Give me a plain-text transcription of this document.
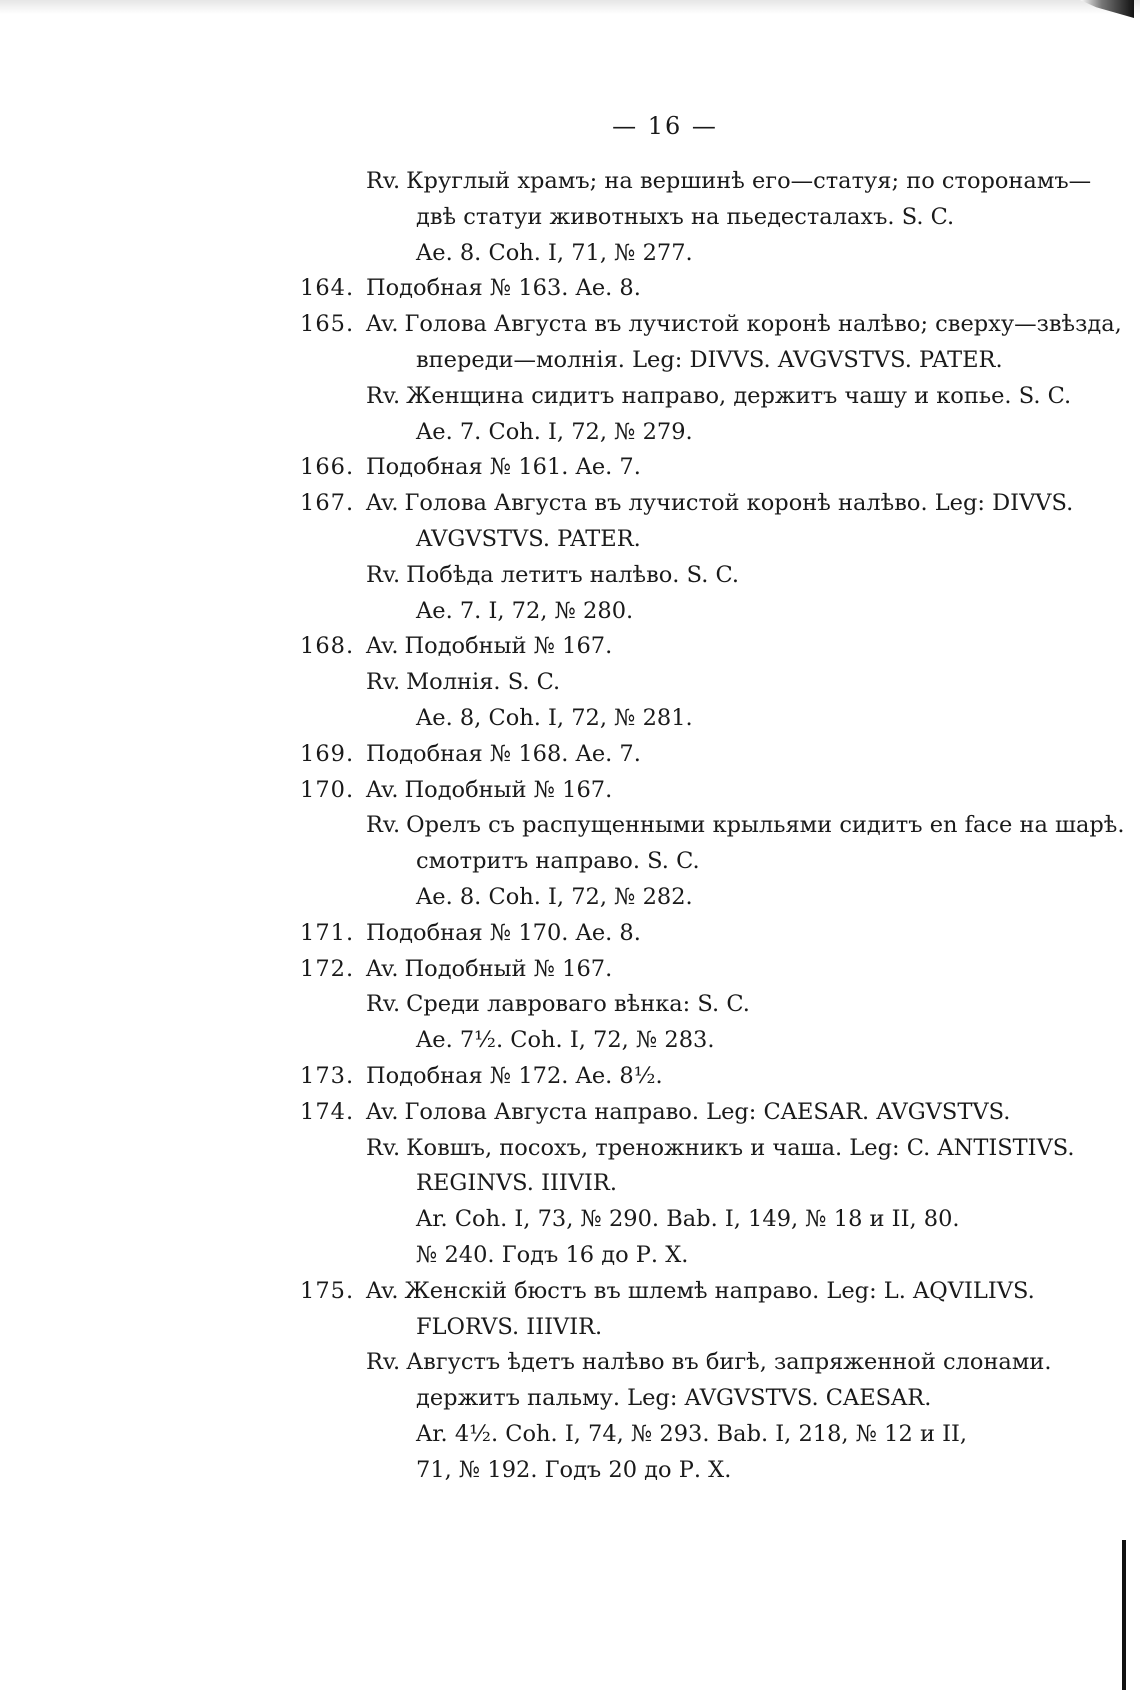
— 16 —
Rv. Круглый храмъ; на вершинѣ его—статуя; по сторонамъ—
двѣ статуи животныхъ на пьедесталахъ. S. C.
Ae. 8. Coh. I, 71, № 277.
164. Подобная № 163. Ae. 8.
165. Av. Голова Августа въ лучистой коронѣ налѣво; сверху—звѣзда,
впереди—молнія. Leg: DIVVS. AVGVSTVS. PATER.
Rv. Женщина сидитъ направо, держитъ чашу и копье. S. C.
Ae. 7. Coh. I, 72, № 279.
166. Подобная № 161. Ae. 7.
167. Av. Голова Августа въ лучистой коронѣ налѣво. Leg: DIVVS.
AVGVSTVS. PATER.
Rv. Побѣда летитъ налѣво. S. C.
Ae. 7. I, 72, № 280.
168. Av. Подобный № 167.
Rv. Молнія. S. C.
Ae. 8, Coh. I, 72, № 281.
169. Подобная № 168. Ae. 7.
170. Av. Подобный № 167.
Rv. Орелъ съ распущенными крыльями сидитъ en face на шарѣ.
смотритъ направо. S. C.
Ae. 8. Coh. I, 72, № 282.
171. Подобная № 170. Ae. 8.
172. Av. Подобный № 167.
Rv. Среди лавроваго вѣнка: S. C.
Ae. 7½. Coh. I, 72, № 283.
173. Подобная № 172. Ae. 8½.
174. Av. Голова Августа направо. Leg: CAESAR. AVGVSTVS.
Rv. Ковшъ, посохъ, треножникъ и чаша. Leg: C. ANTISTIVS.
REGINVS. IIIVIR.
Ar. Coh. I, 73, № 290. Bab. I, 149, № 18 и II, 80.
№ 240. Годъ 16 до Р. X.
175. Av. Женскій бюстъ въ шлемѣ направо. Leg: L. AQVILIVS.
FLORVS. IIIVIR.
Rv. Августъ ѣдетъ налѣво въ бигѣ, запряженной слонами.
держитъ пальму. Leg: AVGVSTVS. CAESAR.
Ar. 4½. Coh. I, 74, № 293. Bab. I, 218, № 12 и II,
71, № 192. Годъ 20 до Р. X.
